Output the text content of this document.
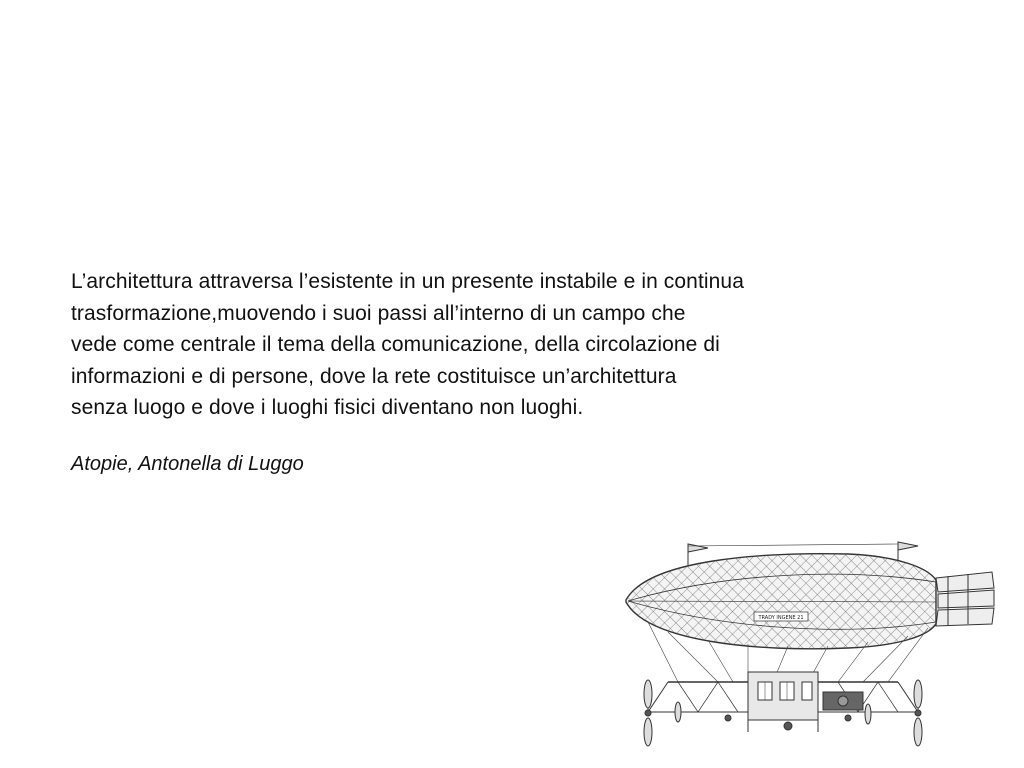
L’architettura attraversa l’esistente in un presente instabile e in continua
trasformazione,muovendo i suoi passi all’interno di un campo che
vede come centrale il tema della comunicazione, della circolazione di
informazioni e di persone, dove la rete costituisce un’architettura
senza luogo e dove i luoghi fisici diventano non luoghi.
Atopie, Antonella di Luggo
TRADY INGENE 21
